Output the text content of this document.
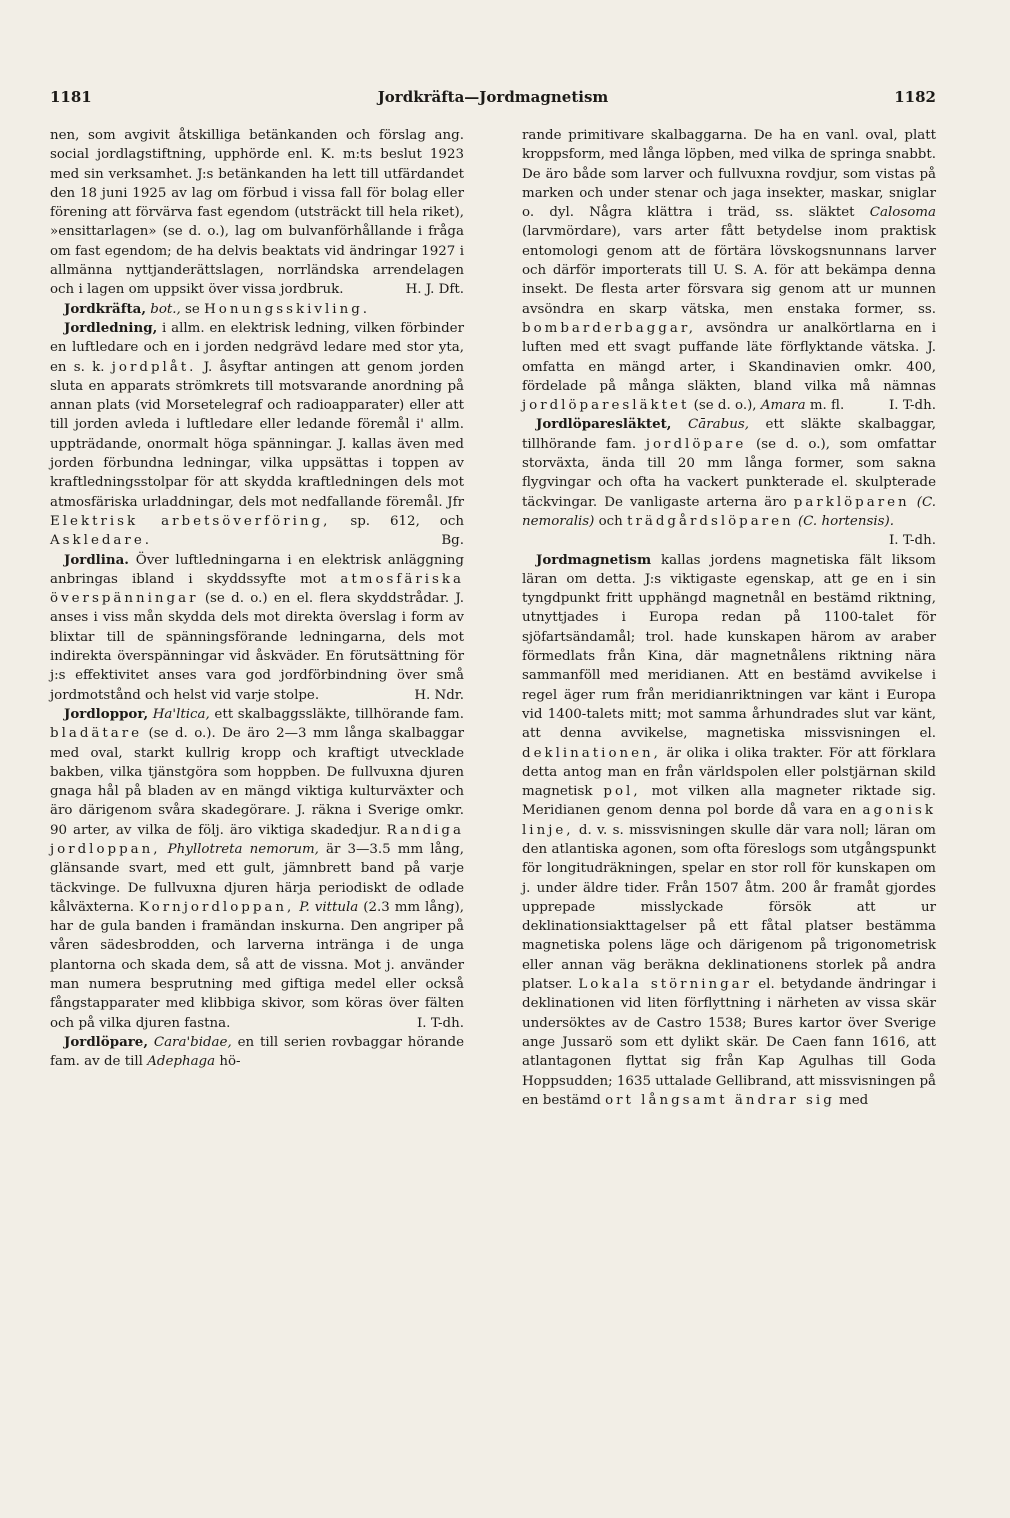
1181	Jordkräfta—Jordmagnetism	1182

nen, som avgivit åtskilliga betänkanden och förslag ang. social jordlagstiftning, upphörde enl. K. m:ts beslut 1923 med sin verksamhet. J:s betänkanden ha lett till utfärdandet den 18 juni 1925 av lag om förbud i vissa fall för bolag eller förening att förvärva fast egendom (utsträckt till hela riket), »ensittarlagen» (se d. o.), lag om bulvanförhållande i fråga om fast egendom; de ha delvis beaktats vid ändringar 1927 i allmänna nyttjanderättslagen, norrländska arrendelagen och i lagen om uppsikt över vissa jordbruk.	H. J. Dft.

Jordkräfta, bot., se Honungsskivling.

Jordledning, i allm. en elektrisk ledning, vilken förbinder en luftledare och en i jorden nedgrävd ledare med stor yta, en s. k. jordplåt. J. åsyftar antingen att genom jorden sluta en apparats strömkrets till motsvarande anordning på annan plats (vid Morsetelegraf och radioapparater) eller att till jorden avleda i luftledare eller ledande föremål i' allm. uppträdande, onormalt höga spänningar. J. kallas även med jorden förbundna ledningar, vilka uppsättas i toppen av kraftledningsstolpar för att skydda kraftledningen dels mot atmosfäriska urladdningar, dels mot nedfallande föremål. Jfr Elektrisk arbetsöverföring, sp. 612, och Askledare.	Bg.

Jordlina. Över luftledningarna i en elektrisk anläggning anbringas ibland i skyddssyfte mot atmosfäriska överspänningar (se d. o.) en el. flera skyddstrådar. J. anses i viss mån skydda dels mot direkta överslag i form av blixtar till de spänningsförande ledningarna, dels mot indirekta överspänningar vid åskväder. En förutsättning för j:s effektivitet anses vara god jordförbindning över små jordmotstånd och helst vid varje stolpe.	H. Ndr.

Jordloppor, Ha'ltica, ett skalbaggssläkte, tillhörande fam. bladätare (se d. o.). De äro 2—3 mm långa skalbaggar med oval, starkt kullrig kropp och kraftigt utvecklade bakben, vilka tjänstgöra som hoppben. De fullvuxna djuren gnaga hål på bladen av en mängd viktiga kulturväxter och äro därigenom svåra skadegörare. J. räkna i Sverige omkr. 90 arter, av vilka de följ. äro viktiga skadedjur. Randiga jordloppan, Phyllotreta nemorum, är 3—3.5 mm lång, glänsande svart, med ett gult, jämnbrett band på varje täckvinge. De fullvuxna djuren härja periodiskt de odlade kålväxterna. Kornjordloppan, P. vittula (2.3 mm lång), har de gula banden i framändan inskurna. Den angriper på våren sädesbrodden, och larverna intränga i de unga plantorna och skada dem, så att de vissna. Mot j. använder man numera besprutning med giftiga medel eller också fångstapparater med klibbiga skivor, som köras över fälten och på vilka djuren fastna.	I. T-dh.

Jordlöpare, Cara'bidae, en till serien rovbaggar hörande fam. av de till Adephaga hö-

rande primitivare skalbaggarna. De ha en vanl. oval, platt kroppsform, med långa löpben, med vilka de springa snabbt. De äro både som larver och fullvuxna rovdjur, som vistas på marken och under stenar och jaga insekter, maskar, sniglar o. dyl. Några klättra i träd, ss. släktet Calosoma (larvmördare), vars arter fått betydelse inom praktisk entomologi genom att de förtära lövskogsnunnans larver och därför importerats till U. S. A. för att bekämpa denna insekt. De flesta arter försvara sig genom att ur munnen avsöndra en skarp vätska, men enstaka former, ss. bombarderbaggar, avsöndra ur analkörtlarna en i luften med ett svagt puffande läte förflyktande vätska. J. omfatta en mängd arter, i Skandinavien omkr. 400, fördelade på många släkten, bland vilka må nämnas jordlöparesläktet (se d. o.), Amara m. fl.	I. T-dh.

Jordlöparesläktet, Cārabus, ett släkte skalbaggar, tillhörande fam. jordlöpare (se d. o.), som omfattar storväxta, ända till 20 mm långa former, som sakna flygvingar och ofta ha vackert punkterade el. skulpterade täckvingar. De vanligaste arterna äro parklöparen (C. nemoralis) och trädgårdslöparen (C. hortensis).
I. T-dh.

Jordmagnetism kallas jordens magnetiska fält liksom läran om detta. J:s viktigaste egenskap, att ge en i sin tyngdpunkt fritt upphängd magnetnål en bestämd riktning, utnyttjades i Europa redan på 1100-talet för sjöfartsändamål; trol. hade kunskapen härom av araber förmedlats från Kina, där magnetnålens riktning nära sammanföll med meridianen. Att en bestämd avvikelse i regel äger rum från meridianriktningen var känt i Europa vid 1400-talets mitt; mot samma århundrades slut var känt, att denna avvikelse, magnetiska missvisningen el. deklinationen, är olika i olika trakter. För att förklara detta antog man en från världspolen eller polstjärnan skild magnetisk pol, mot vilken alla magneter riktade sig. Meridianen genom denna pol borde då vara en agonisk linje, d. v. s. missvisningen skulle där vara noll; läran om den atlantiska agonen, som ofta föreslogs som utgångspunkt för longitudräkningen, spelar en stor roll för kunskapen om j. under äldre tider. Från 1507 åtm. 200 år framåt gjordes upprepade misslyckade försök att ur deklinationsiakttagelser på ett fåtal platser bestämma magnetiska polens läge och därigenom på trigonometrisk eller annan väg beräkna deklinationens storlek på andra platser. Lokala störningar el. betydande ändringar i deklinationen vid liten förflyttning i närheten av vissa skär undersöktes av de Castro 1538; Bures kartor över Sverige ange Jussarö som ett dylikt skär. De Caen fann 1616, att atlantagonen flyttat sig från Kap Agulhas till Goda Hoppsudden; 1635 uttalade Gellibrand, att missvisningen på en bestämd ort långsamt ändrar sig med
